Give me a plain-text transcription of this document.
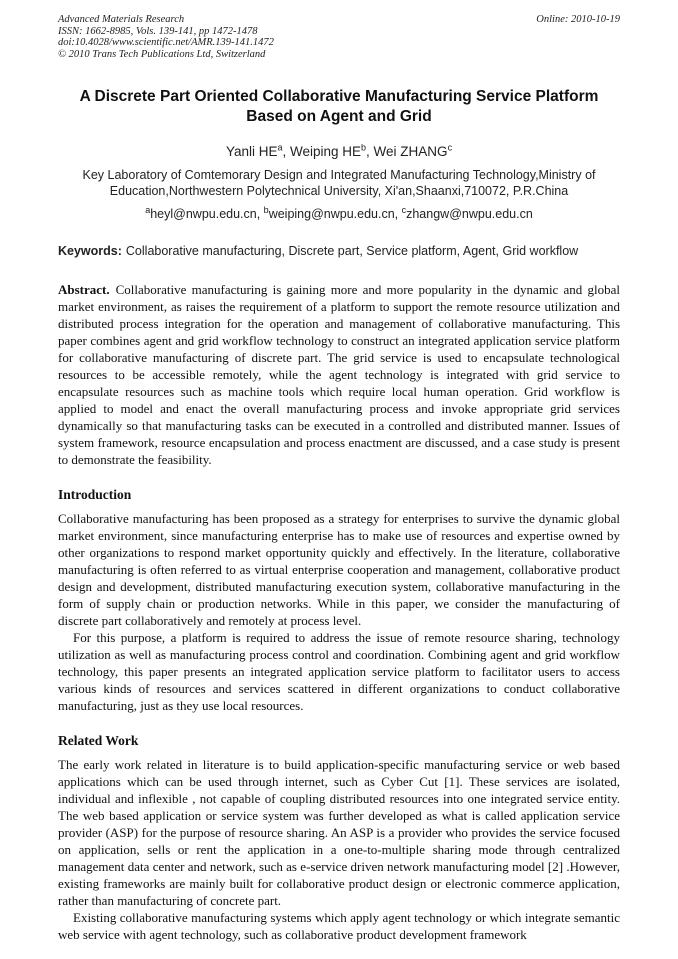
Advanced Materials Research	Online: 2010-10-19
ISSN: 1662-8985, Vols. 139-141, pp 1472-1478
doi:10.4028/www.scientific.net/AMR.139-141.1472
© 2010 Trans Tech Publications Ltd, Switzerland
A Discrete Part Oriented Collaborative Manufacturing Service Platform
Based on Agent and Grid
Yanli $HE^a$, Weiping $HE^b$, Wei ZHANG$^c$
Key Laboratory of Comtemorary Design and Integrated Manufacturing Technology,Ministry of Education,Northwestern Polytechnical University, Xi'an,Shaanxi,710072, P.R.China
$^a$heyl@nwpu.edu.cn, $^b$weiping@nwpu.edu.cn, $^c$zhangw@nwpu.edu.cn
Keywords: Collaborative manufacturing, Discrete part, Service platform, Agent, Grid workflow
Abstract. Collaborative manufacturing is gaining more and more popularity in the dynamic and global market environment, as raises the requirement of a platform to support the remote resource utilization and distributed process integration for the operation and management of collaborative manufacturing. This paper combines agent and grid workflow technology to construct an integrated application service platform for collaborative manufacturing of discrete part. The grid service is used to encapsulate technological resources to be accessible remotely, while the agent technology is integrated with grid service to encapsulate resources such as machine tools which require local human operation. Grid workflow is applied to model and enact the overall manufacturing process and invoke appropriate grid services dynamically so that manufacturing tasks can be executed in a controlled and distributed manner. Issues of system framework, resource encapsulation and process enactment are discussed, and a case study is present to demonstrate the feasibility.
Introduction

Collaborative manufacturing has been proposed as a strategy for enterprises to survive the dynamic global market environment, since manufacturing enterprise has to make use of resources and expertise owned by other organizations to respond market opportunity quickly and effectively. In the literature, collaborative manufacturing is often referred to as virtual enterprise cooperation and management, collaborative product design and development, distributed manufacturing execution system, collaborative manufacturing in the form of supply chain or production networks. While in this paper, we consider the manufacturing of discrete part collaboratively and remotely at process level.

For this purpose, a platform is required to address the issue of remote resource sharing, technology utilization as well as manufacturing process control and coordination. Combining agent and grid workflow technology, this paper presents an integrated application service platform to facilitator users to access various kinds of resources and services scattered in different organizations to conduct collaborative manufacturing, just as they use local resources.

Related Work

The early work related in literature is to build application-specific manufacturing service or web based applications which can be used through internet, such as Cyber Cut [1]. These services are isolated, individual and inflexible , not capable of coupling distributed resources into one integrated service entity. The web based application or service system was further developed as what is called application service provider (ASP) for the purpose of resource sharing. An ASP is a provider who provides the service focused on application, sells or rent the application in a one-to-multiple sharing mode through centralized management data center and network, such as e-service driven network manufacturing model [2] .However, existing frameworks are mainly built for collaborative product design or electronic commerce application, rather than manufacturing of concrete part.

Existing collaborative manufacturing systems which apply agent technology or which integrate semantic web service with agent technology, such as collaborative product development framework
